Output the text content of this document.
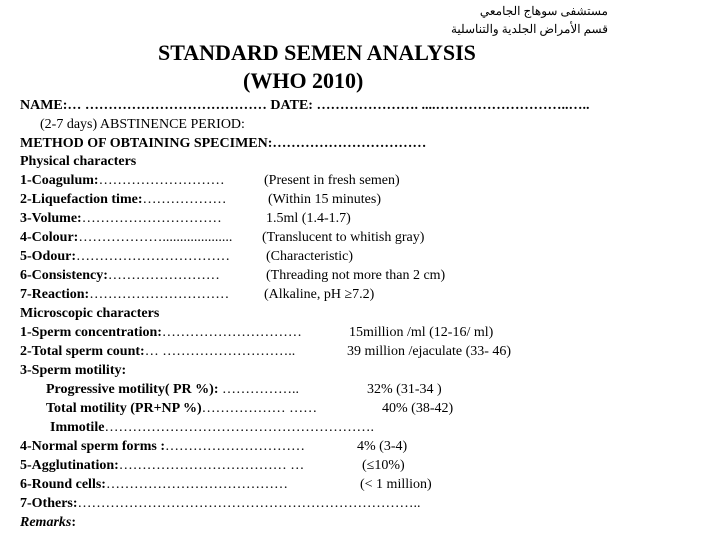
مستشفى سوهاج الجامعي
قسم الأمراض الجلدية والتناسلية
STANDARD SEMEN ANALYSIS
(WHO 2010)
NAME:… ………………………………… DATE: …………………. ....………………………..…..
(2-7 days) ABSTINENCE PERIOD:
METHOD OF OBTAINING SPECIMEN:……………………………
Physical characters
1-Coagulum:………………………	(Present in fresh semen)
2-Liquefaction time:………………	(Within 15 minutes)
3-Volume:…………………………	1.5ml (1.4-1.7)
4-Colour:……………….................... (Translucent to whitish gray)
5-Odour:……………………………	(Characteristic)
6-Consistency:……………………	(Threading not more than 2 cm)
7-Reaction:………………………… (Alkaline, pH ≥7.2)
Microscopic characters
1-Sperm concentration:…………………………	15million /ml (12-16/ ml)
2-Total sperm count:… ………………………..	39 million /ejaculate (33- 46)
3-Sperm motility:
Progressive motility( PR %): ……………..	32% (31-34 )
Total motility (PR+NP %)……………… ……	40% (38-42)
Immotile………………………………………………….
4-Normal sperm forms :…………………………	4% (3-4)
5-Agglutination:……………………………… …	(≤10%)
6-Round cells:…………………………………	(< 1 million)
7-Others:………………………………………………………………..
Remarks:
